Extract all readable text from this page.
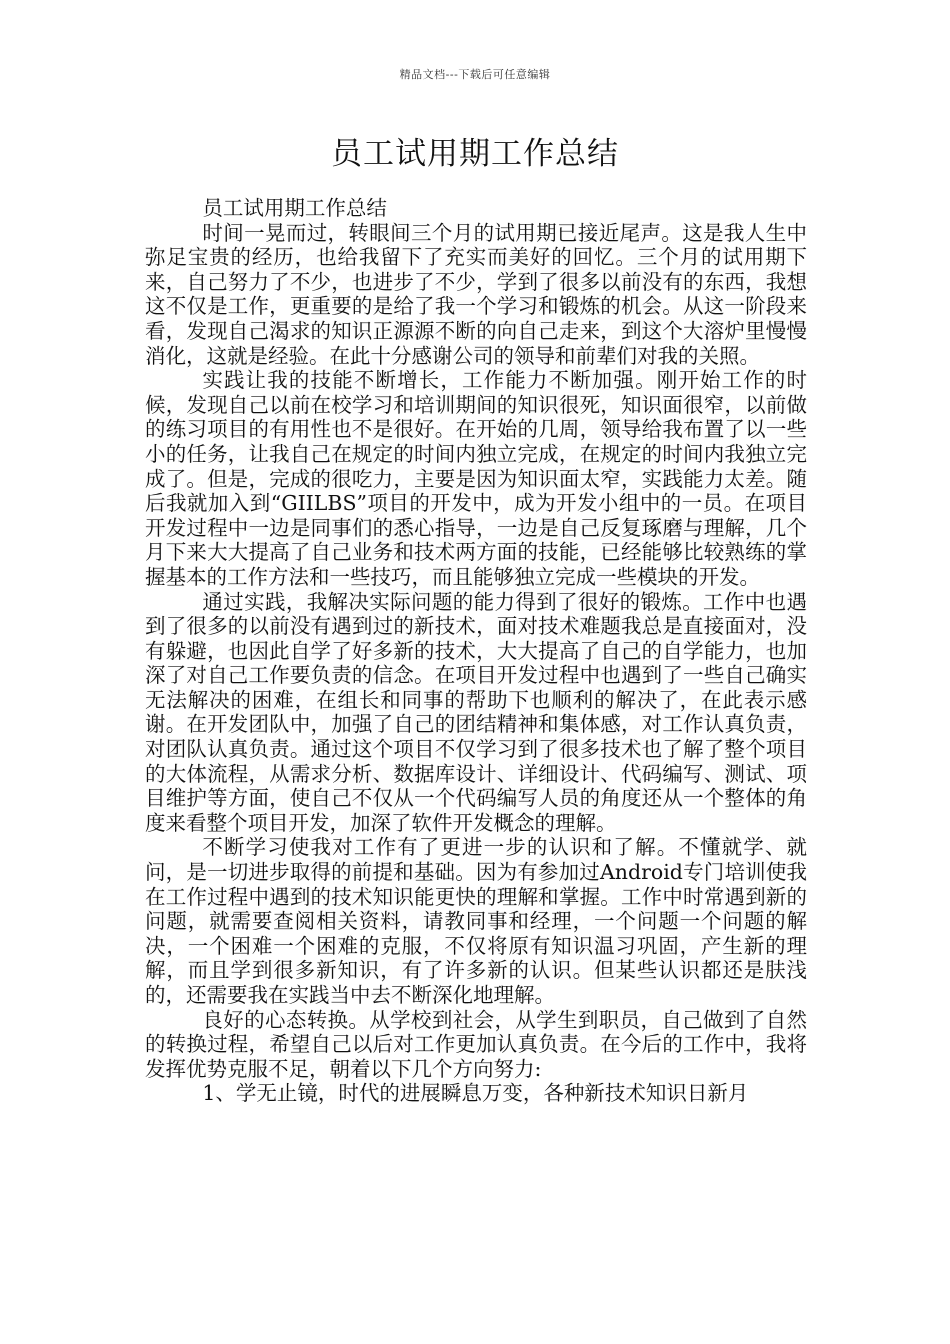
精品文档---下载后可任意编辑
员工试用期工作总结

员工试用期工作总结

时间一晃而过，转眼间三个月的试用期已接近尾声。这是我人生中弥足宝贵的经历，也给我留下了充实而美好的回忆。三个月的试用期下来，自己努力了不少，也进步了不少，学到了很多以前没有的东西，我想这不仅是工作，更重要的是给了我一个学习和锻炼的机会。从这一阶段来看，发现自己渴求的知识正源源不断的向自己走来，到这个大溶炉里慢慢消化，这就是经验。在此十分感谢公司的领导和前辈们对我的关照。

实践让我的技能不断增长，工作能力不断加强。刚开始工作的时候，发现自己以前在校学习和培训期间的知识很死，知识面很窄，以前做的练习项目的有用性也不是很好。在开始的几周，领导给我布置了以一些小的任务，让我自己在规定的时间内独立完成，在规定的时间内我独立完成了。但是，完成的很吃力，主要是因为知识面太窄，实践能力太差。随后我就加入到“GIILBS”项目的开发中，成为开发小组中的一员。在项目开发过程中一边是同事们的悉心指导，一边是自己反复琢磨与理解，几个月下来大大提高了自己业务和技术两方面的技能，已经能够比较熟练的掌握基本的工作方法和一些技巧，而且能够独立完成一些模块的开发。

通过实践，我解决实际问题的能力得到了很好的锻炼。工作中也遇到了很多的以前没有遇到过的新技术，面对技术难题我总是直接面对，没有躲避，也因此自学了好多新的技术，大大提高了自己的自学能力，也加深了对自己工作要负责的信念。在项目开发过程中也遇到了一些自己确实无法解决的困难，在组长和同事的帮助下也顺利的解决了，在此表示感谢。在开发团队中，加强了自己的团结精神和集体感，对工作认真负责，对团队认真负责。通过这个项目不仅学习到了很多技术也了解了整个项目的大体流程，从需求分析、数据库设计、详细设计、代码编写、测试、项目维护等方面，使自己不仅从一个代码编写人员的角度还从一个整体的角度来看整个项目开发，加深了软件开发概念的理解。

不断学习使我对工作有了更进一步的认识和了解。不懂就学、就问，是一切进步取得的前提和基础。因为有参加过Android专门培训使我在工作过程中遇到的技术知识能更快的理解和掌握。工作中时常遇到新的问题，就需要查阅相关资料，请教同事和经理，一个问题一个问题的解决，一个困难一个困难的克服，不仅将原有知识温习巩固，产生新的理解，而且学到很多新知识，有了许多新的认识。但某些认识都还是肤浅的，还需要我在实践当中去不断深化地理解。

良好的心态转换。从学校到社会，从学生到职员，自己做到了自然的转换过程，希望自己以后对工作更加认真负责。在今后的工作中，我将发挥优势克服不足，朝着以下几个方向努力:

1、学无止镜，时代的进展瞬息万变，各种新技术知识日新月
